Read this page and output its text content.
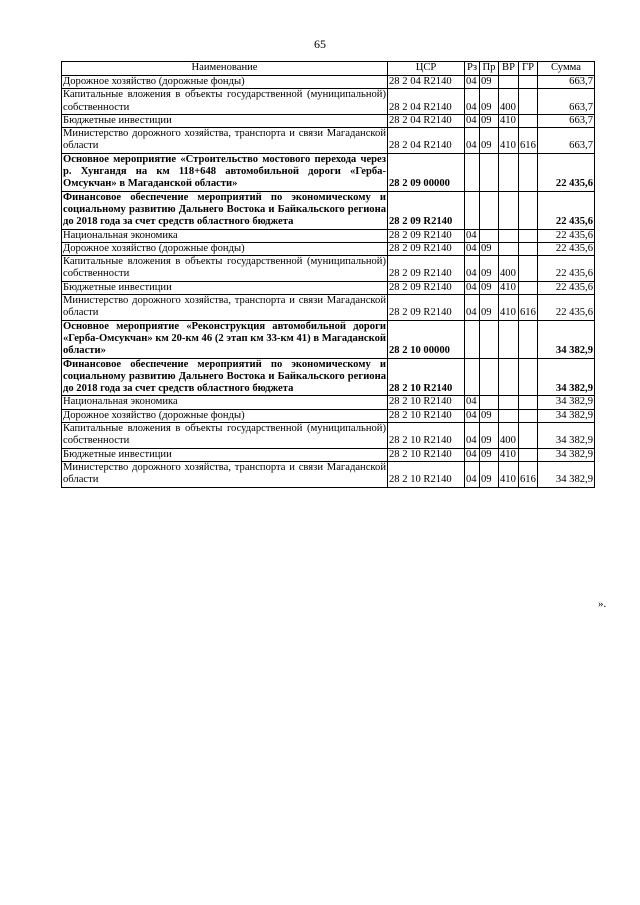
65
Наименование	ЦСР	Рз	Пр	ВР	ГР	Сумма
Дорожное хозяйство (дорожные фонды)	28 2 04 R2140	04	09			663,7
Капитальные вложения в объекты государственной (муниципальной) собственности	28 2 04 R2140	04	09	400		663,7
Бюджетные инвестиции	28 2 04 R2140	04	09	410		663,7
Министерство дорожного хозяйства, транспорта и связи Магаданской области	28 2 04 R2140	04	09	410	616	663,7
Основное мероприятие «Строительство мостового перехода через р. Хунгандя на км 118+648 автомобильной дороги «Герба-Омсукчан» в Магаданской области»	28 2 09 00000					22 435,6
Финансовое обеспечение мероприятий по экономическому и социальному развитию Дальнего Востока и Байкальского региона до 2018 года за счет средств областного бюджета	28 2 09 R2140					22 435,6
Национальная экономика	28 2 09 R2140	04				22 435,6
Дорожное хозяйство (дорожные фонды)	28 2 09 R2140	04	09			22 435,6
Капитальные вложения в объекты государственной (муниципальной) собственности	28 2 09 R2140	04	09	400		22 435,6
Бюджетные инвестиции	28 2 09 R2140	04	09	410		22 435,6
Министерство дорожного хозяйства, транспорта и связи Магаданской области	28 2 09 R2140	04	09	410	616	22 435,6
Основное мероприятие «Реконструкция автомобильной дороги «Герба-Омсукчан» км 20-км 46 (2 этап км 33-км 41) в Магаданской области»	28 2 10 00000					34 382,9
Финансовое обеспечение мероприятий по экономическому и социальному развитию Дальнего Востока и Байкальского региона до 2018 года за счет средств областного бюджета	28 2 10 R2140					34 382,9
Национальная экономика	28 2 10 R2140	04				34 382,9
Дорожное хозяйство (дорожные фонды)	28 2 10 R2140	04	09			34 382,9
Капитальные вложения в объекты государственной (муниципальной) собственности	28 2 10 R2140	04	09	400		34 382,9
Бюджетные инвестиции	28 2 10 R2140	04	09	410		34 382,9
Министерство дорожного хозяйства, транспорта и связи Магаданской области	28 2 10 R2140	04	09	410	616	34 382,9
».
